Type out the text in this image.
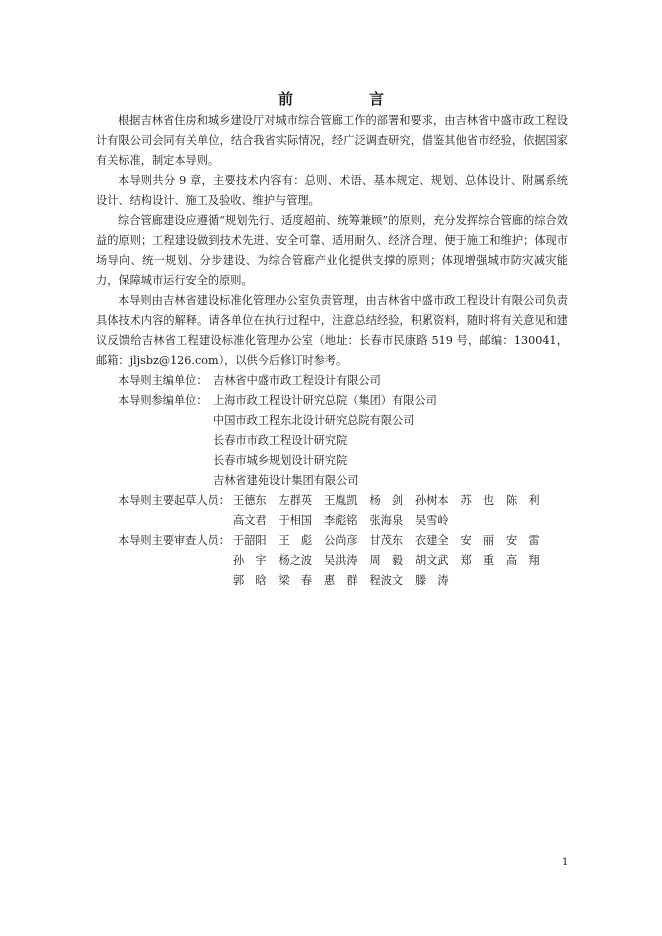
前	言

根据吉林省住房和城乡建设厅对城市综合管廊工作的部署和要求，由吉林省中盛市政工程设计有限公司会同有关单位，结合我省实际情况，经广泛调查研究，借鉴其他省市经验，依据国家有关标准，制定本导则。

本导则共分 9 章，主要技术内容有：总则、术语、基本规定、规划、总体设计、附属系统设计、结构设计、施工及验收、维护与管理。

综合管廊建设应遵循“规划先行、适度超前、统筹兼顾”的原则，充分发挥综合管廊的综合效益的原则；工程建设做到技术先进、安全可靠、适用耐久、经济合理、便于施工和维护；体现市场导向、统一规划、分步建设、为综合管廊产业化提供支撑的原则；体现增强城市防灾减灾能力，保障城市运行安全的原则。

本导则由吉林省建设标准化管理办公室负责管理，由吉林省中盛市政工程设计有限公司负责具体技术内容的解释。请各单位在执行过程中，注意总结经验，积累资料，随时将有关意见和建议反馈给吉林省工程建设标准化管理办公室（地址：长春市民康路 519 号，邮编：130041，邮箱：jljsbz@126.com），以供今后修订时参考。

本导则主编单位： 吉林省中盛市政工程设计有限公司
本导则参编单位： 上海市政工程设计研究总院（集团）有限公司
中国市政工程东北设计研究总院有限公司
长春市市政工程设计研究院
长春市城乡规划设计研究院
吉林省建苑设计集团有限公司
本导则主要起草人员： 王德东	左群英	王胤凯	杨　剑	孙树本	苏　也	陈　利
高文君	于相国	李彪铭	张海泉	吴雪岭
本导则主要审查人员： 于韶阳	王　彪	公尚彦	甘茂东	衣建全	安　丽	安　雷
孙　宇	杨之波	吴洪涛	周　毅	胡文武	郑　重	高　翔
郭　晗	梁　春	惠　群	程波文	滕　涛
1
